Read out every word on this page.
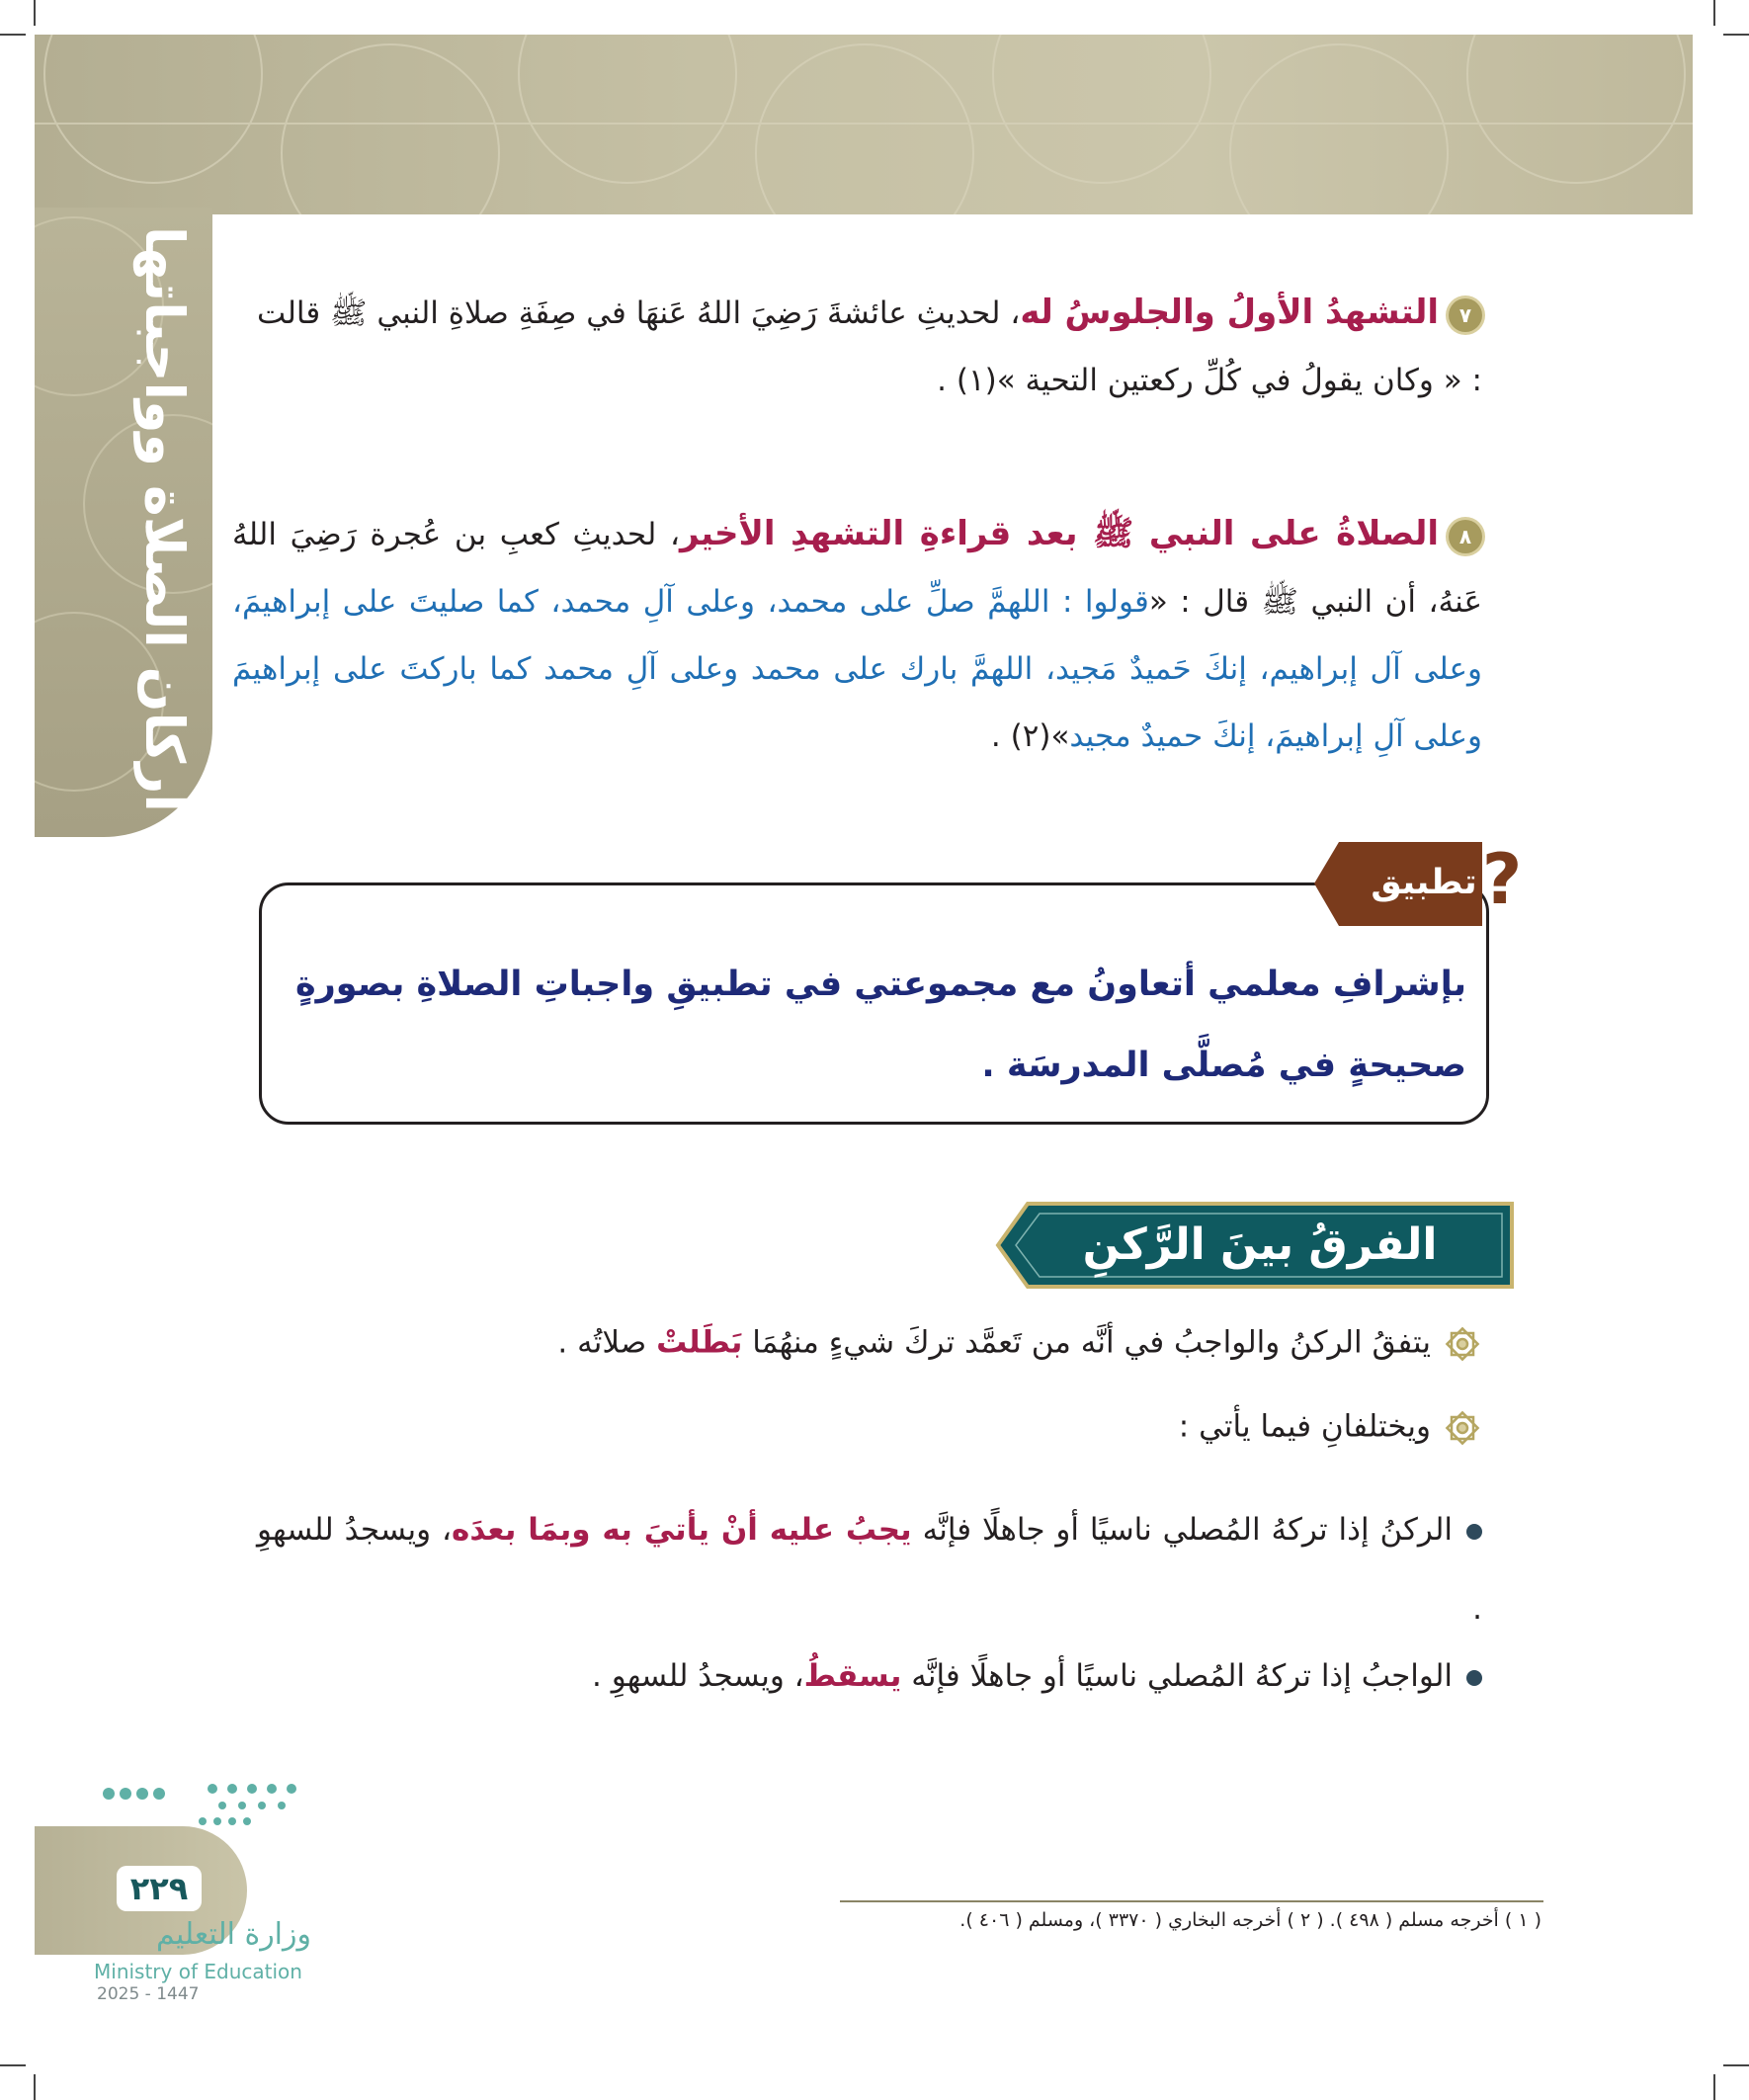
أركان الصلاة وواجباتها	٧التشهدُ الأولُ والجلوسُ له، لحديثِ عائشةَ رَضِيَ اللهُ عَنهَا في صِفَةِ صلاةِ النبي ﷺ قالت : « وكان يقولُ في كُلِّ ركعتين التحية »(١) .
٨الصلاةُ على النبي ﷺ بعد قراءةِ التشهدِ الأخير، لحديثِ كعبِ بن عُجرة رَضِيَ اللهُ عَنهُ، أن النبي ﷺ قال : «قولوا : اللهمَّ صلِّ على محمد، وعلى آلِ محمد، كما صليتَ على إبراهيمَ، وعلى آل إبراهيم، إنكَ حَميدٌ مَجيد، اللهمَّ بارك على محمد وعلى آلِ محمد كما باركتَ على إبراهيمَ وعلى آلِ إبراهيمَ، إنكَ حميدٌ مجيد»(٢) .
?
تطبيق
بإشرافِ معلمي أتعاونُ مع مجموعتي في تطبيقِ واجباتِ الصلاةِ بصورةٍ صحيحةٍ في مُصلَّى المدرسَة .
الفرقُ بينَ الرَّكنِ والواجب
يتفقُ الركنُ والواجبُ في أنَّه من تَعمَّد تركَ شيءٍ منهُمَا بَطَلتْ صلاتُه .
ويختلفانِ فيما يأتي :
الركنُ إذا تركهُ المُصلي ناسيًا أو جاهلًا فإنَّه يجبُ عليه أنْ يأتيَ به وبمَا بعدَه، ويسجدُ للسهوِ .
الواجبُ إذا تركهُ المُصلي ناسيًا أو جاهلًا فإنَّه يسقطُ، ويسجدُ للسهوِ .
( ١ ) أخرجه مسلم ( ٤٩٨ ). ( ٢ ) أخرجه البخاري ( ٣٣٧٠ )، ومسلم ( ٤٠٦ ).
٢٢٩
وزارة التعليم
Ministry of Education
2025 - 1447
